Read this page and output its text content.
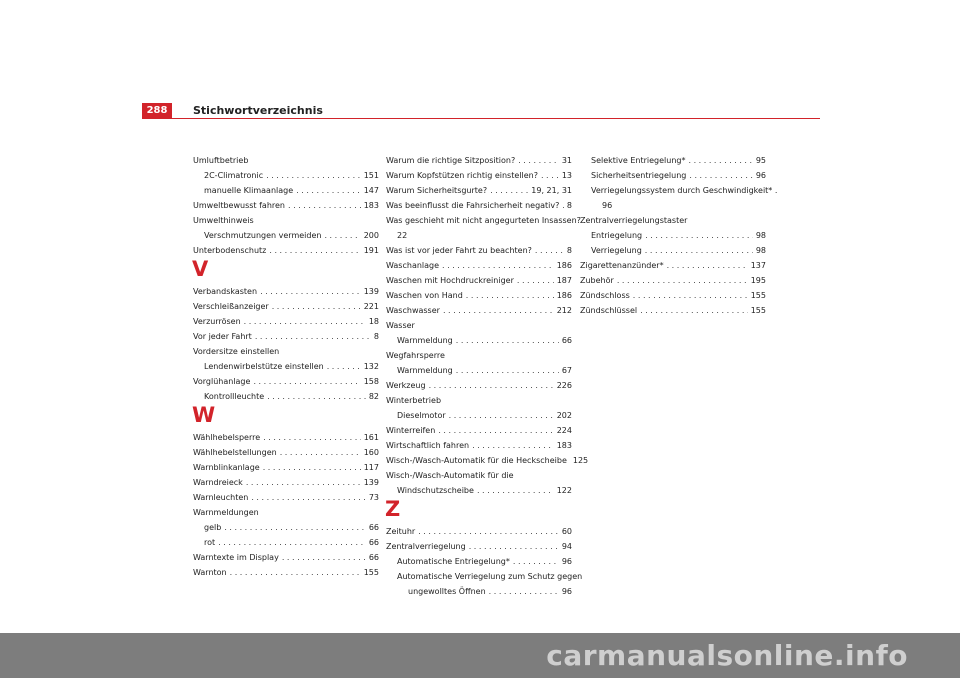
288	Stichwortverzeichnis
Umluftbetrieb
2C-Climatronic . . .	151
manuelle Klimaanlage . . .	147
Umweltbewusst fahren . . .	183
Umwelthinweis
Verschmutzungen vermeiden . . .	200
Unterbodenschutz . . .	191
V
Verbandskasten . . .	139
Verschleißanzeiger . . .	221
Verzurrösen . . .	18
Vor jeder Fahrt . . .	8
Vordersitze einstellen
Lendenwirbelstütze einstellen . . .	132
Vorglühanlage . . .	158
Kontrollleuchte . . .	82
W
Wählhebelsperre . . .	161
Wählhebelstellungen . . .	160
Warnblinkanlage . . .	117
Warndreieck . . .	139
Warnleuchten . . .	73
Warnmeldungen
gelb . . .	66
rot . . .	66
Warntexte im Display . . .	66
Warnton . . .	155
Warum die richtige Sitzposition? . . .	31
Warum Kopfstützen richtig einstellen? . . .	13
Warum Sicherheitsgurte? . . .	19, 21, 31
Was beeinflusst die Fahrsicherheit negativ? . . . 8
Was geschieht mit nicht angegurteten Insassen? .
22
Was ist vor jeder Fahrt zu beachten? . . .	8
Waschanlage . . .	186
Waschen mit Hochdruckreiniger . . .	187
Waschen von Hand . . .	186
Waschwasser . . .	212
Wasser
Warnmeldung . . .	66
Wegfahrsperre
Warnmeldung . . .	67
Werkzeug . . .	226
Winterbetrieb
Dieselmotor . . .	202
Winterreifen . . .	224
Wirtschaftlich fahren . . .	183
Wisch-/Wasch-Automatik für die Heckscheibe 125
Wisch-/Wasch-Automatik für die
Windschutzscheibe . . .	122
Z
Zeituhr . . .	60
Zentralverriegelung . . .	94
Automatische Entriegelung* . . .	96
Automatische Verriegelung zum Schutz gegen
ungewolltes Öffnen . . .	96
Selektive Entriegelung* . . .	95
Sicherheitsentriegelung . . .	96
Verriegelungssystem durch Geschwindigkeit* .
96
Zentralverriegelungstaster
Entriegelung . . .	98
Verriegelung . . .	98
Zigarettenanzünder* . . .	137
Zubehör . . .	195
Zündschloss . . .	155
Zündschlüssel . . .	155
carmanualsonline.info
